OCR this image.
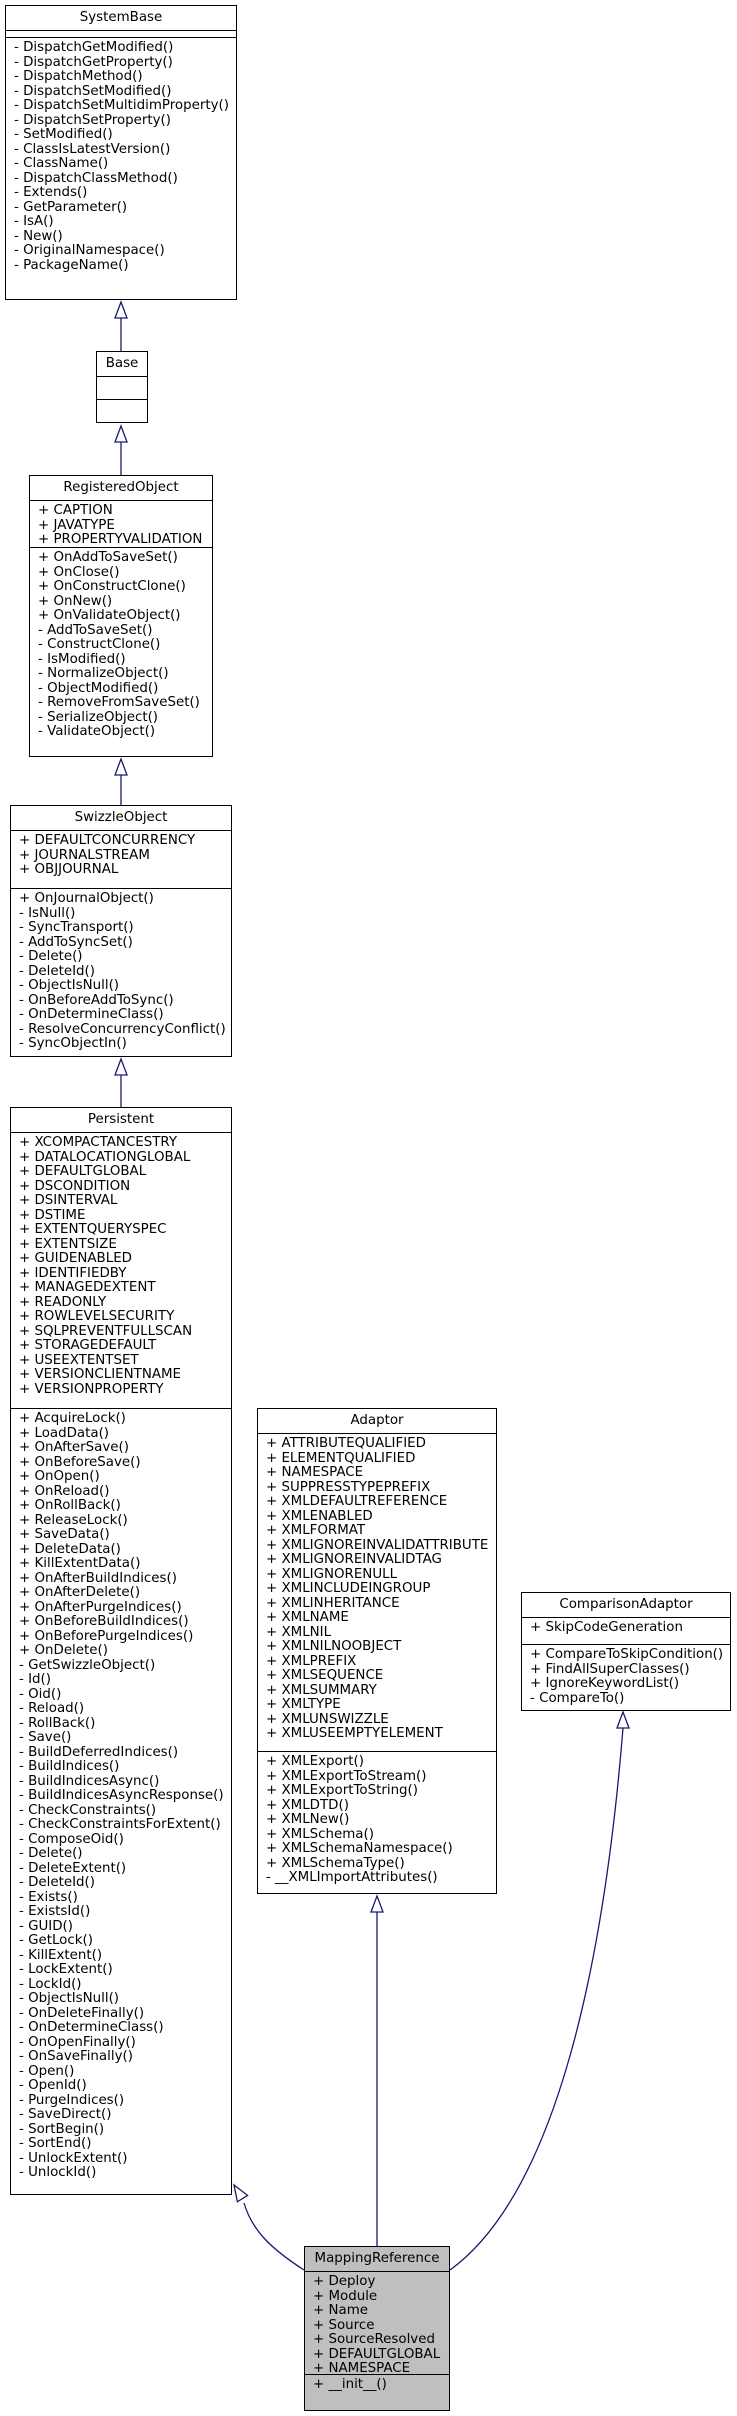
SystemBase
- DispatchGetModified()
- DispatchGetProperty()
- DispatchMethod()
- DispatchSetModified()
- DispatchSetMultidimProperty()
- DispatchSetProperty()
- SetModified()
- ClassIsLatestVersion()
- ClassName()
- DispatchClassMethod()
- Extends()
- GetParameter()
- IsA()
- New()
- OriginalNamespace()
- PackageName()
Base
RegisteredObject
+ CAPTION
+ JAVATYPE
+ PROPERTYVALIDATION
+ OnAddToSaveSet()
+ OnClose()
+ OnConstructClone()
+ OnNew()
+ OnValidateObject()
- AddToSaveSet()
- ConstructClone()
- IsModified()
- NormalizeObject()
- ObjectModified()
- RemoveFromSaveSet()
- SerializeObject()
- ValidateObject()
SwizzleObject
+ DEFAULTCONCURRENCY
+ JOURNALSTREAM
+ OBJJOURNAL
+ OnJournalObject()
- IsNull()
- SyncTransport()
- AddToSyncSet()
- Delete()
- DeleteId()
- ObjectIsNull()
- OnBeforeAddToSync()
- OnDetermineClass()
- ResolveConcurrencyConflict()
- SyncObjectIn()
Persistent
+ XCOMPACTANCESTRY
+ DATALOCATIONGLOBAL
+ DEFAULTGLOBAL
+ DSCONDITION
+ DSINTERVAL
+ DSTIME
+ EXTENTQUERYSPEC
+ EXTENTSIZE
+ GUIDENABLED
+ IDENTIFIEDBY
+ MANAGEDEXTENT
+ READONLY
+ ROWLEVELSECURITY
+ SQLPREVENTFULLSCAN
+ STORAGEDEFAULT
+ USEEXTENTSET
+ VERSIONCLIENTNAME
+ VERSIONPROPERTY
+ AcquireLock()
+ LoadData()
+ OnAfterSave()
+ OnBeforeSave()
+ OnOpen()
+ OnReload()
+ OnRollBack()
+ ReleaseLock()
+ SaveData()
+ DeleteData()
+ KillExtentData()
+ OnAfterBuildIndices()
+ OnAfterDelete()
+ OnAfterPurgeIndices()
+ OnBeforeBuildIndices()
+ OnBeforePurgeIndices()
+ OnDelete()
- GetSwizzleObject()
- Id()
- Oid()
- Reload()
- RollBack()
- Save()
- BuildDeferredIndices()
- BuildIndices()
- BuildIndicesAsync()
- BuildIndicesAsyncResponse()
- CheckConstraints()
- CheckConstraintsForExtent()
- ComposeOid()
- Delete()
- DeleteExtent()
- DeleteId()
- Exists()
- ExistsId()
- GUID()
- GetLock()
- KillExtent()
- LockExtent()
- LockId()
- ObjectIsNull()
- OnDeleteFinally()
- OnDetermineClass()
- OnOpenFinally()
- OnSaveFinally()
- Open()
- OpenId()
- PurgeIndices()
- SaveDirect()
- SortBegin()
- SortEnd()
- UnlockExtent()
- UnlockId()
Adaptor
+ ATTRIBUTEQUALIFIED
+ ELEMENTQUALIFIED
+ NAMESPACE
+ SUPPRESSTYPEPREFIX
+ XMLDEFAULTREFERENCE
+ XMLENABLED
+ XMLFORMAT
+ XMLIGNOREINVALIDATTRIBUTE
+ XMLIGNOREINVALIDTAG
+ XMLIGNORENULL
+ XMLINCLUDEINGROUP
+ XMLINHERITANCE
+ XMLNAME
+ XMLNIL
+ XMLNILNOOBJECT
+ XMLPREFIX
+ XMLSEQUENCE
+ XMLSUMMARY
+ XMLTYPE
+ XMLUNSWIZZLE
+ XMLUSEEMPTYELEMENT
+ XMLExport()
+ XMLExportToStream()
+ XMLExportToString()
+ XMLDTD()
+ XMLNew()
+ XMLSchema()
+ XMLSchemaNamespace()
+ XMLSchemaType()
- __XMLImportAttributes()
ComparisonAdaptor
+ SkipCodeGeneration
+ CompareToSkipCondition()
+ FindAllSuperClasses()
+ IgnoreKeywordList()
- CompareTo()
MappingReference
+ Deploy
+ Module
+ Name
+ Source
+ SourceResolved
+ DEFAULTGLOBAL
+ NAMESPACE
+ __init__()
